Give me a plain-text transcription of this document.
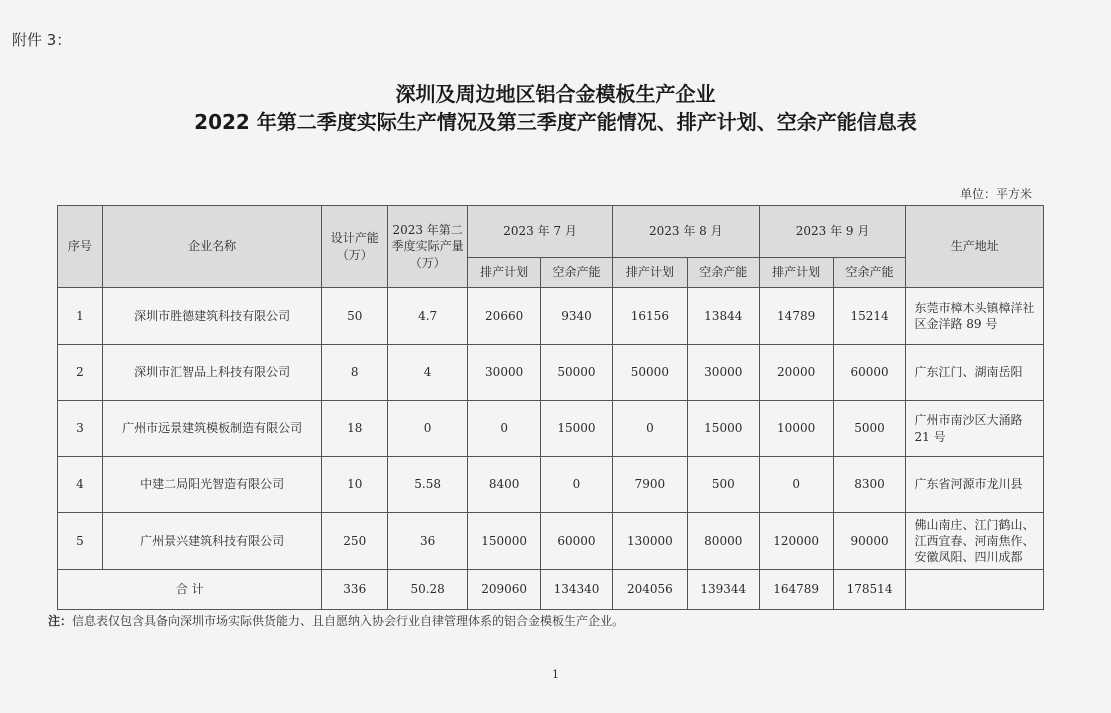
附件 3：
深圳及周边地区铝合金模板生产企业
2022 年第二季度实际生产情况及第三季度产能情况、排产计划、空余产能信息表
单位：平方米
序号	企业名称	设计产能（万）	2023 年第二季度实际产量（万）	2023 年 7 月		2023 年 8 月		2023 年 9 月		生产地址
				排产计划	空余产能	排产计划	空余产能	排产计划	空余产能	
1	深圳市胜德建筑科技有限公司	50	4.7	20660	9340	16156	13844	14789	15214	东莞市樟木头镇樟洋社区金洋路 89 号
2	深圳市汇智品上科技有限公司	8	4	30000	50000	50000	30000	20000	60000	广东江门、湖南岳阳
3	广州市远景建筑模板制造有限公司	18	0	0	15000	0	15000	10000	5000	广州市南沙区大涌路 21 号
4	中建二局阳光智造有限公司	10	5.58	8400	0	7900	500	0	8300	广东省河源市龙川县
5	广州景兴建筑科技有限公司	250	36	150000	60000	130000	80000	120000	90000	佛山南庄、江门鹤山、江西宜春、河南焦作、安徽凤阳、四川成都
合 计		336	50.28	209060	134340	204056	139344	164789	178514	
注：信息表仅包含具备向深圳市场实际供货能力、且自愿纳入协会行业自律管理体系的铝合金模板生产企业。
1
